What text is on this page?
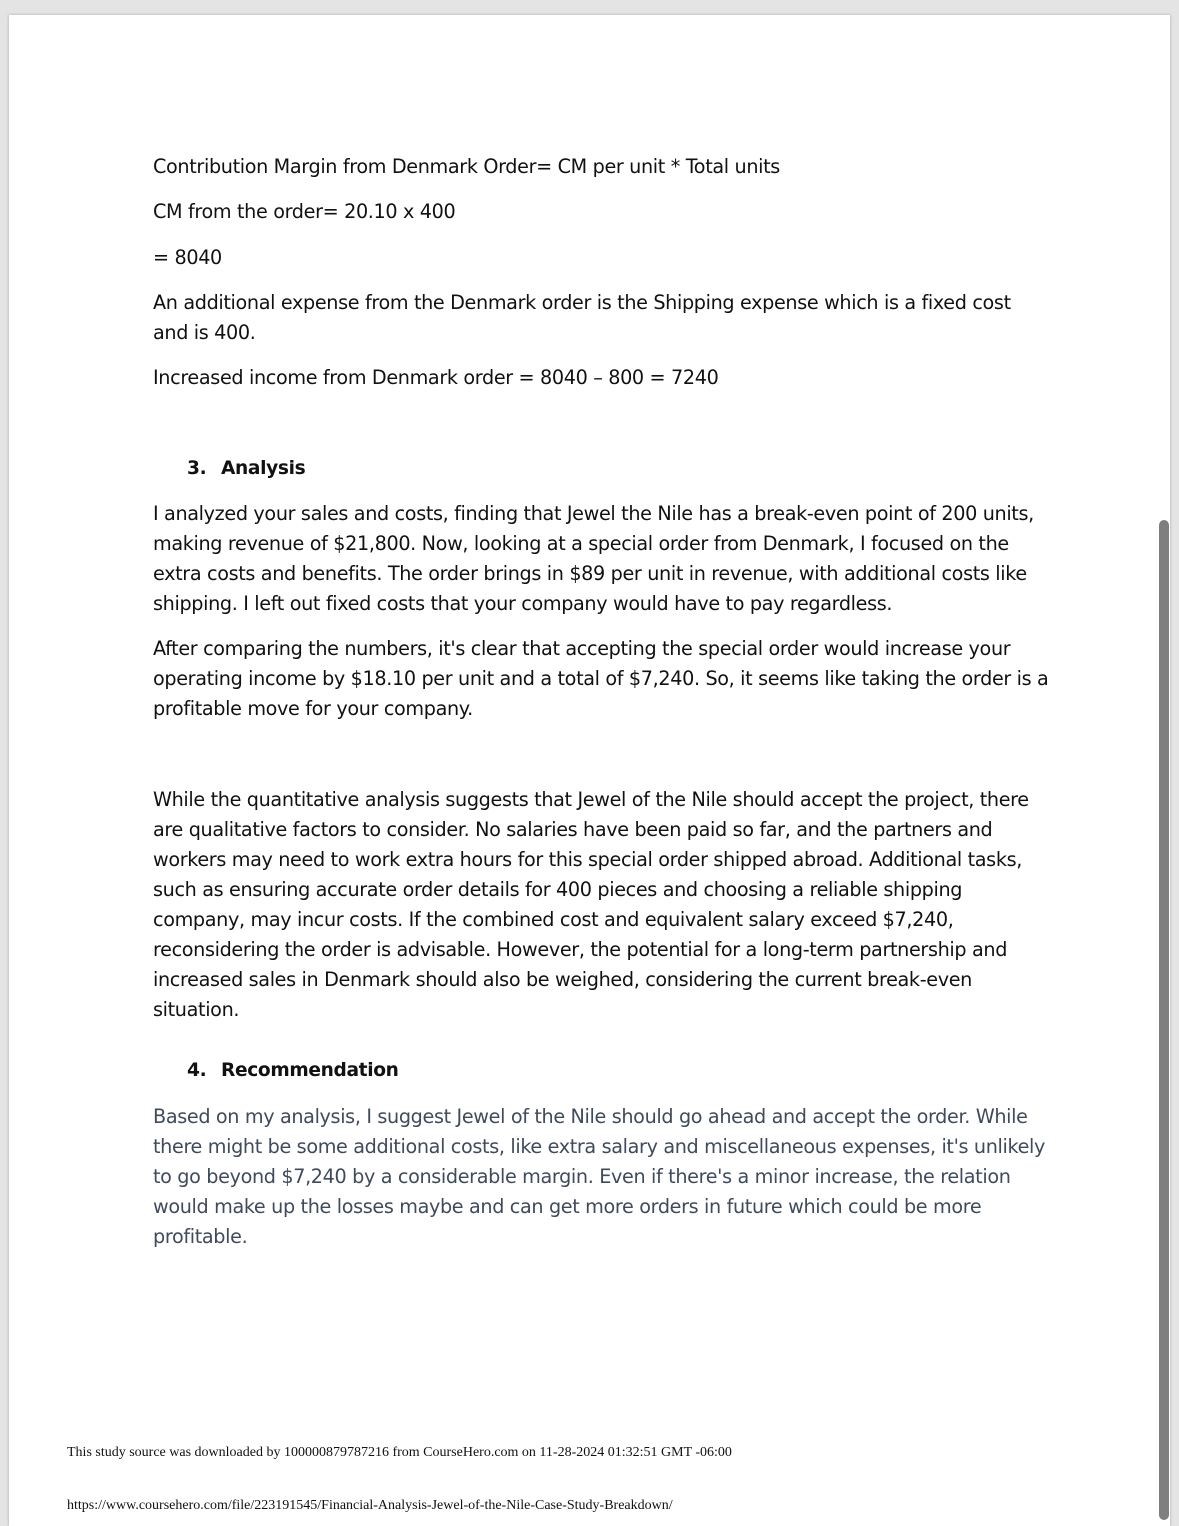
Contribution Margin from Denmark Order= CM per unit * Total units

CM from the order= 20.10 x 400

= 8040

An additional expense from the Denmark order is the Shipping expense which is a fixed cost and is 400.

Increased income from Denmark order = 8040 – 800 = 7240

3. Analysis

I analyzed your sales and costs, finding that Jewel the Nile has a break-even point of 200 units, making revenue of $21,800. Now, looking at a special order from Denmark, I focused on the extra costs and benefits. The order brings in $89 per unit in revenue, with additional costs like shipping. I left out fixed costs that your company would have to pay regardless.

After comparing the numbers, it's clear that accepting the special order would increase your operating income by $18.10 per unit and a total of $7,240. So, it seems like taking the order is a profitable move for your company.

While the quantitative analysis suggests that Jewel of the Nile should accept the project, there are qualitative factors to consider. No salaries have been paid so far, and the partners and workers may need to work extra hours for this special order shipped abroad. Additional tasks, such as ensuring accurate order details for 400 pieces and choosing a reliable shipping company, may incur costs. If the combined cost and equivalent salary exceed $7,240, reconsidering the order is advisable. However, the potential for a long-term partnership and increased sales in Denmark should also be weighed, considering the current break-even situation.

4. Recommendation

Based on my analysis, I suggest Jewel of the Nile should go ahead and accept the order. While there might be some additional costs, like extra salary and miscellaneous expenses, it's unlikely to go beyond $7,240 by a considerable margin. Even if there's a minor increase, the relation would make up the losses maybe and can get more orders in future which could be more profitable.

This study source was downloaded by 100000879787216 from CourseHero.com on 11-28-2024 01:32:51 GMT -06:00

https://www.coursehero.com/file/223191545/Financial-Analysis-Jewel-of-the-Nile-Case-Study-Breakdown/
